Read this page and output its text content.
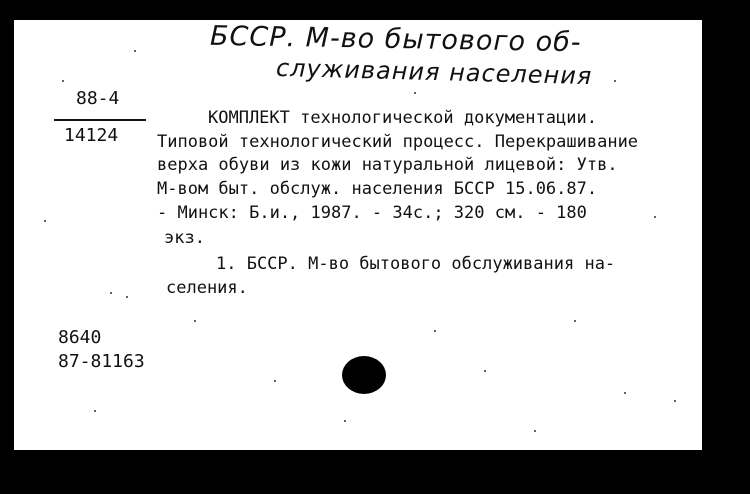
БССР. М-во бытового об-
служивания населения
88-4
14124
КОМПЛЕКТ технологической документации.
Типовой технологический процесс. Перекрашивание
верха обуви из кожи натуральной лицевой: Утв.
М-вом быт. обслуж. населения БССР 15.06.87.
- Минск: Б.и., 1987. - 34с.; 320 см. - 180
экз.
1. БССР. М-во бытового обслуживания на-
селения.
8640
87-81163
